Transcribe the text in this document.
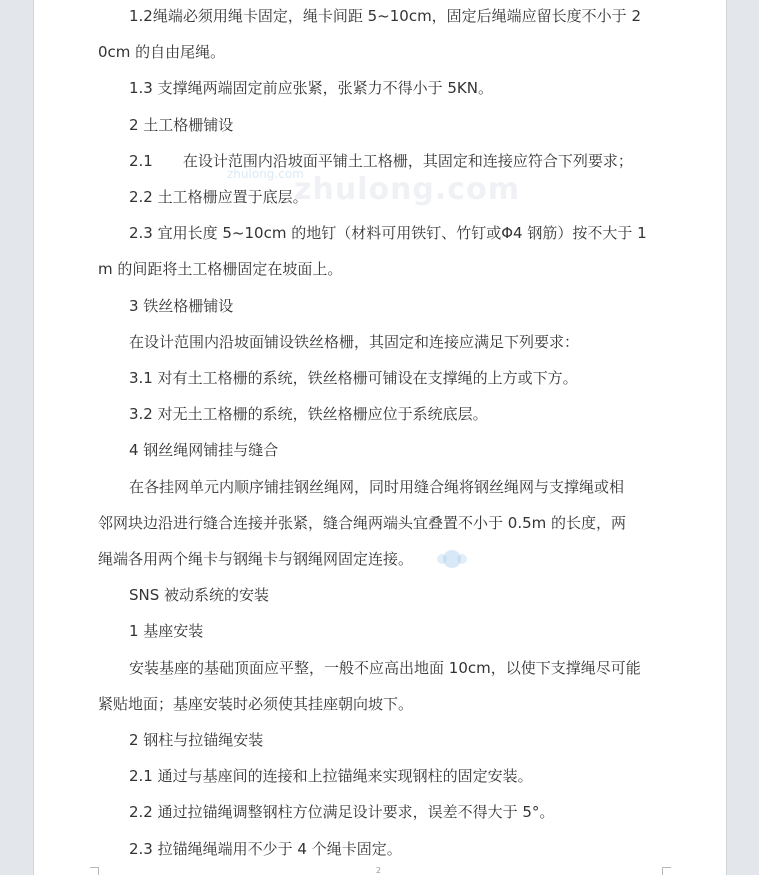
zhulong.com
zhulong.com

1.2绳端必须用绳卡固定，绳卡间距 5~10cm，固定后绳端应留长度不小于 2

0cm 的自由尾绳。

1.3 支撑绳两端固定前应张紧，张紧力不得小于 5KN。

2 土工格栅铺设

2.1　　在设计范围内沿坡面平铺土工格栅，其固定和连接应符合下列要求；

2.2 土工格栅应置于底层。

2.3 宜用长度 5~10cm 的地钉（材料可用铁钉、竹钉或Φ4 钢筋）按不大于 1

m 的间距将土工格栅固定在坡面上。

3 铁丝格栅铺设

在设计范围内沿坡面铺设铁丝格栅，其固定和连接应满足下列要求：

3.1 对有土工格栅的系统，铁丝格栅可铺设在支撑绳的上方或下方。

3.2 对无土工格栅的系统，铁丝格栅应位于系统底层。

4 钢丝绳网铺挂与缝合

在各挂网单元内顺序铺挂钢丝绳网，同时用缝合绳将钢丝绳网与支撑绳或相

邻网块边沿进行缝合连接并张紧，缝合绳两端头宜叠置不小于 0.5m 的长度，两

绳端各用两个绳卡与钢绳卡与钢绳网固定连接。

SNS 被动系统的安装

1 基座安装

安装基座的基础顶面应平整，一般不应高出地面 10cm，以使下支撑绳尽可能

紧贴地面；基座安装时必须使其挂座朝向坡下。

2 钢柱与拉锚绳安装

2.1 通过与基座间的连接和上拉锚绳来实现钢柱的固定安装。

2.2 通过拉锚绳调整钢柱方位满足设计要求，误差不得大于 5°。

2.3 拉锚绳绳端用不少于 4 个绳卡固定。

2
